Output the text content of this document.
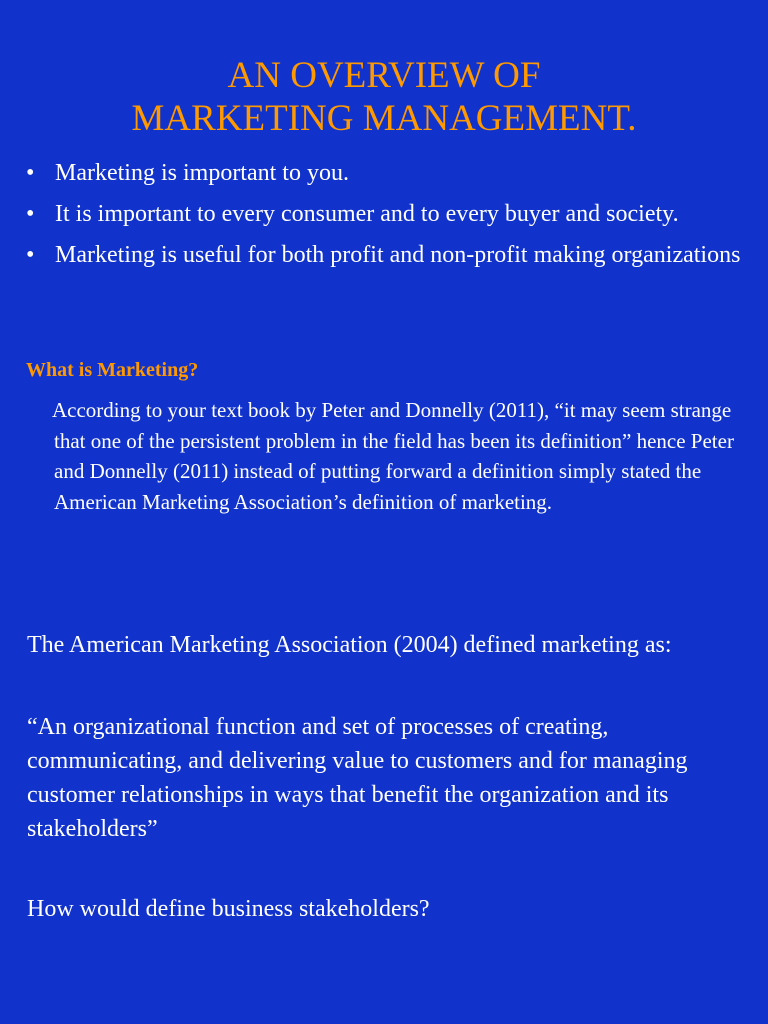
AN OVERVIEW OF
MARKETING MANAGEMENT.
• Marketing is important to you.
• It is important to every consumer and to every buyer and society.
• Marketing is useful for both profit and non-profit making organizations
What is Marketing?
According to your text book by Peter and Donnelly (2011), “it may seem strange that one of the persistent problem in the field has been its definition” hence Peter and Donnelly (2011) instead of putting forward a definition simply stated the American Marketing Association’s definition of marketing.
The American Marketing Association (2004) defined marketing as:
“An organizational function and set of processes of creating, communicating, and delivering value to customers and for managing customer relationships in ways that benefit the organization and its stakeholders”
How would define business stakeholders?
